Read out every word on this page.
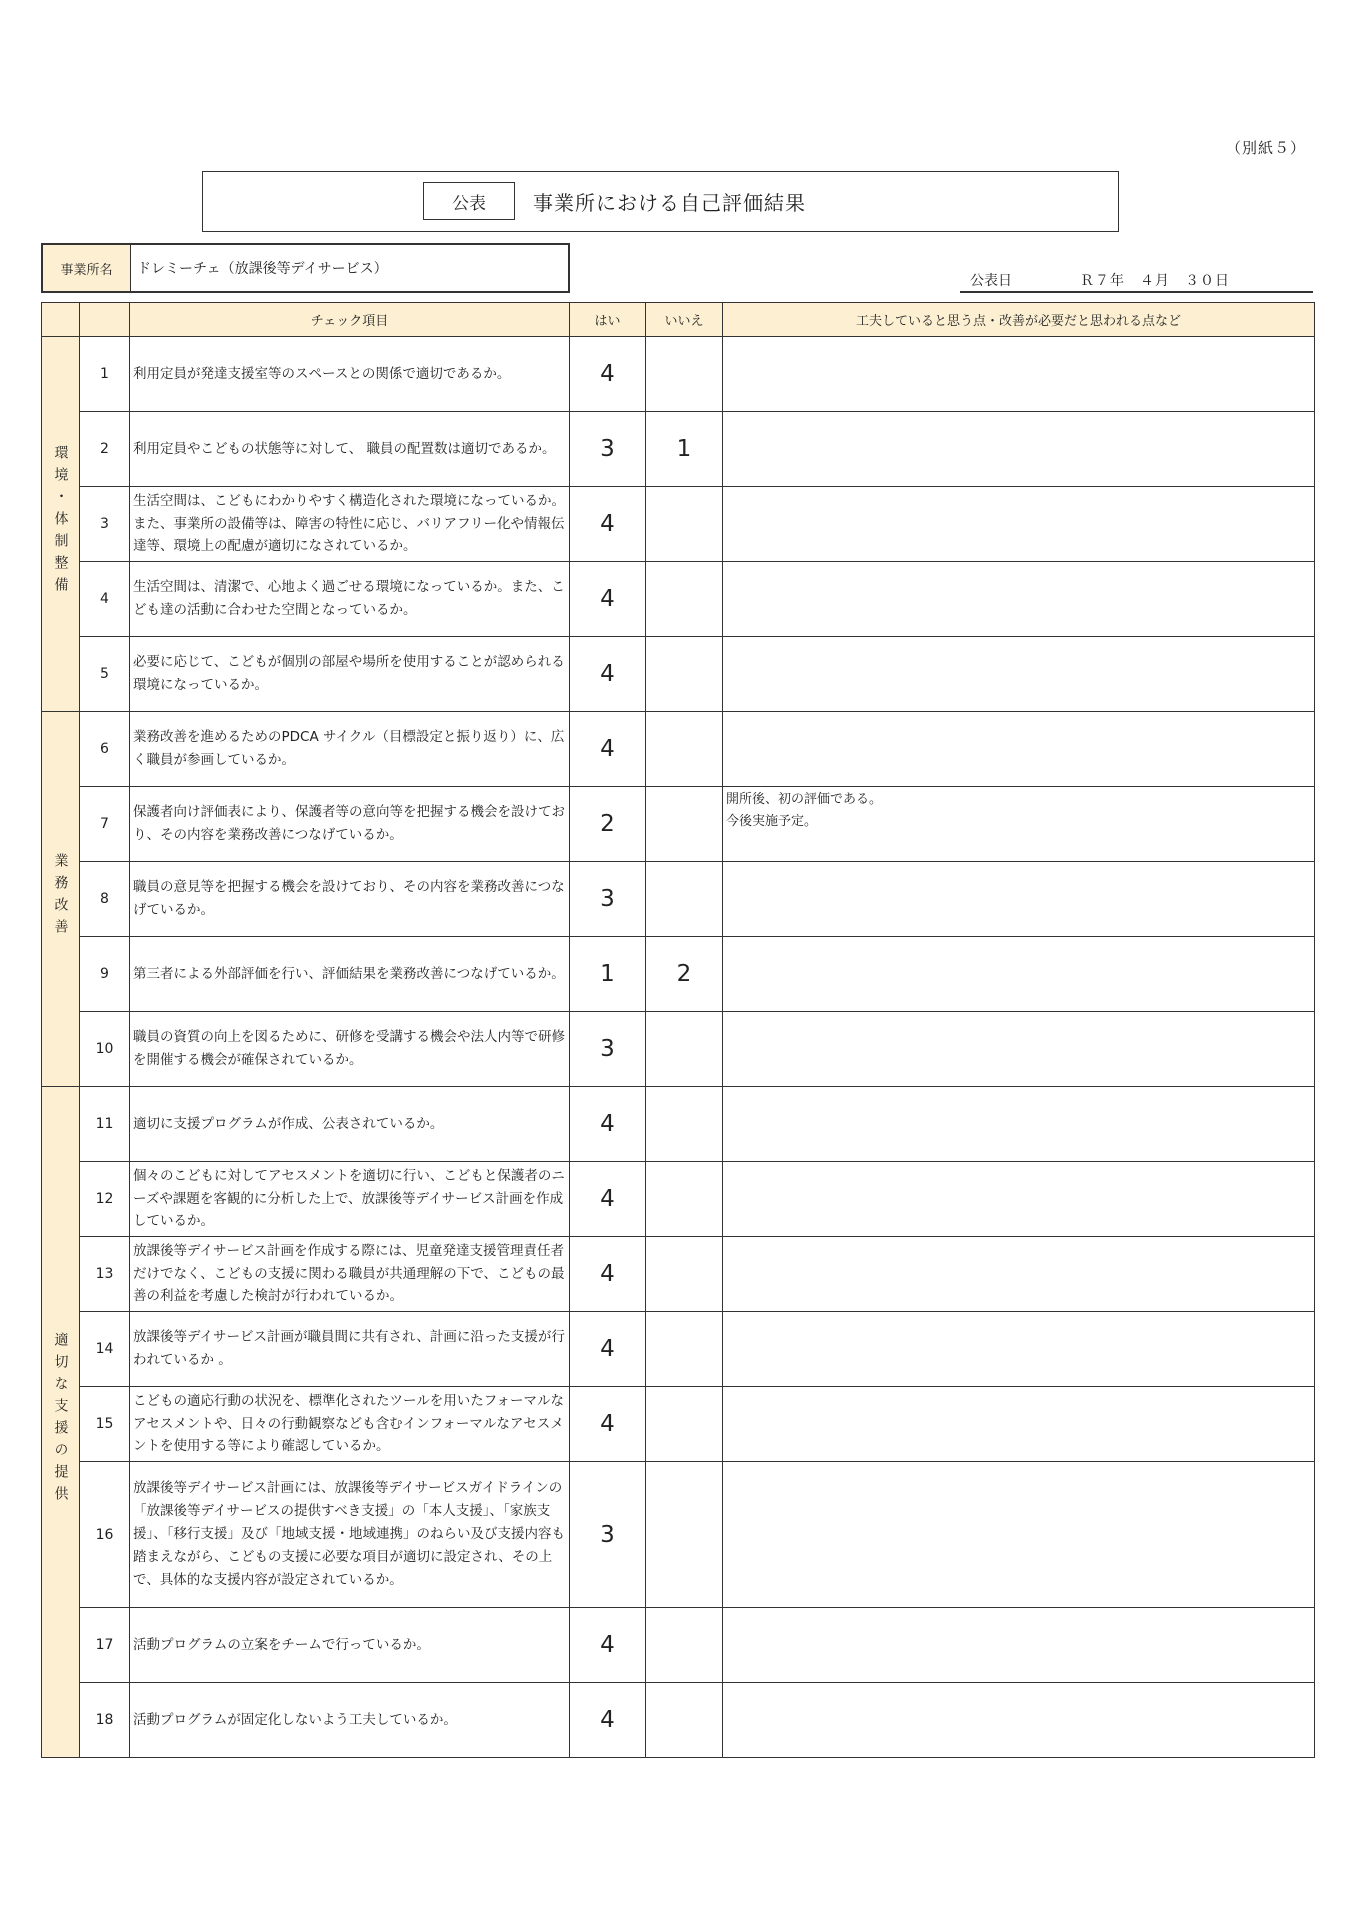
（別紙５）
公表	事業所における自己評価結果
事業所名	ドレミーチェ（放課後等デイサービス）
公表日	Ｒ７年　４月　３０日
		チェック項目	はい	いいえ	工夫していると思う点・改善が必要だと思われる点など
環境・体制整備	1	利用定員が発達支援室等のスペースとの関係で適切であるか。	4		
	2	利用定員やこどもの状態等に対して、 職員の配置数は適切であるか。	3	1	
	3	生活空間は、こどもにわかりやすく構造化された環境になっているか。また、事業所の設備等は、障害の特性に応じ、バリアフリー化や情報伝達等、環境上の配慮が適切になされているか。	4		
	4	生活空間は、清潔で、心地よく過ごせる環境になっているか。また、こども達の活動に合わせた空間となっているか。	4		
	5	必要に応じて、こどもが個別の部屋や場所を使用することが認められる環境になっているか。	4		
業務改善	6	業務改善を進めるためのPDCA サイクル（目標設定と振り返り）に、広く職員が参画しているか。	4		
	7	保護者向け評価表により、保護者等の意向等を把握する機会を設けており、その内容を業務改善につなげているか。	2		開所後、初の評価である。
今後実施予定。
	8	職員の意見等を把握する機会を設けており、その内容を業務改善につなげているか。	3		
	9	第三者による外部評価を行い、評価結果を業務改善につなげているか。	1	2	
	10	職員の資質の向上を図るために、研修を受講する機会や法人内等で研修を開催する機会が確保されているか。	3		
適切な支援の提供	11	適切に支援プログラムが作成、公表されているか。	4		
	12	個々のこどもに対してアセスメントを適切に行い、こどもと保護者のニーズや課題を客観的に分析した上で、放課後等デイサービス計画を作成しているか。	4		
	13	放課後等デイサービス計画を作成する際には、児童発達支援管理責任者だけでなく、こどもの支援に関わる職員が共通理解の下で、こどもの最善の利益を考慮した検討が行われているか。	4		
	14	放課後等デイサービス計画が職員間に共有され、計画に沿った支援が行われているか 。	4		
	15	こどもの適応行動の状況を、標準化されたツールを用いたフォーマルなアセスメントや、日々の行動観察なども含むインフォーマルなアセスメントを使用する等により確認しているか。	4		
	16	放課後等デイサービス計画には、放課後等デイサービスガイドラインの「放課後等デイサービスの提供すべき支援」の「本人支援」、「家族支援」、「移行支援」及び「地域支援・地域連携」のねらい及び支援内容も踏まえながら、こどもの支援に必要な項目が適切に設定され、その上で、具体的な支援内容が設定されているか。	3		
	17	活動プログラムの立案をチームで行っているか。	4		
	18	活動プログラムが固定化しないよう工夫しているか。	4		
